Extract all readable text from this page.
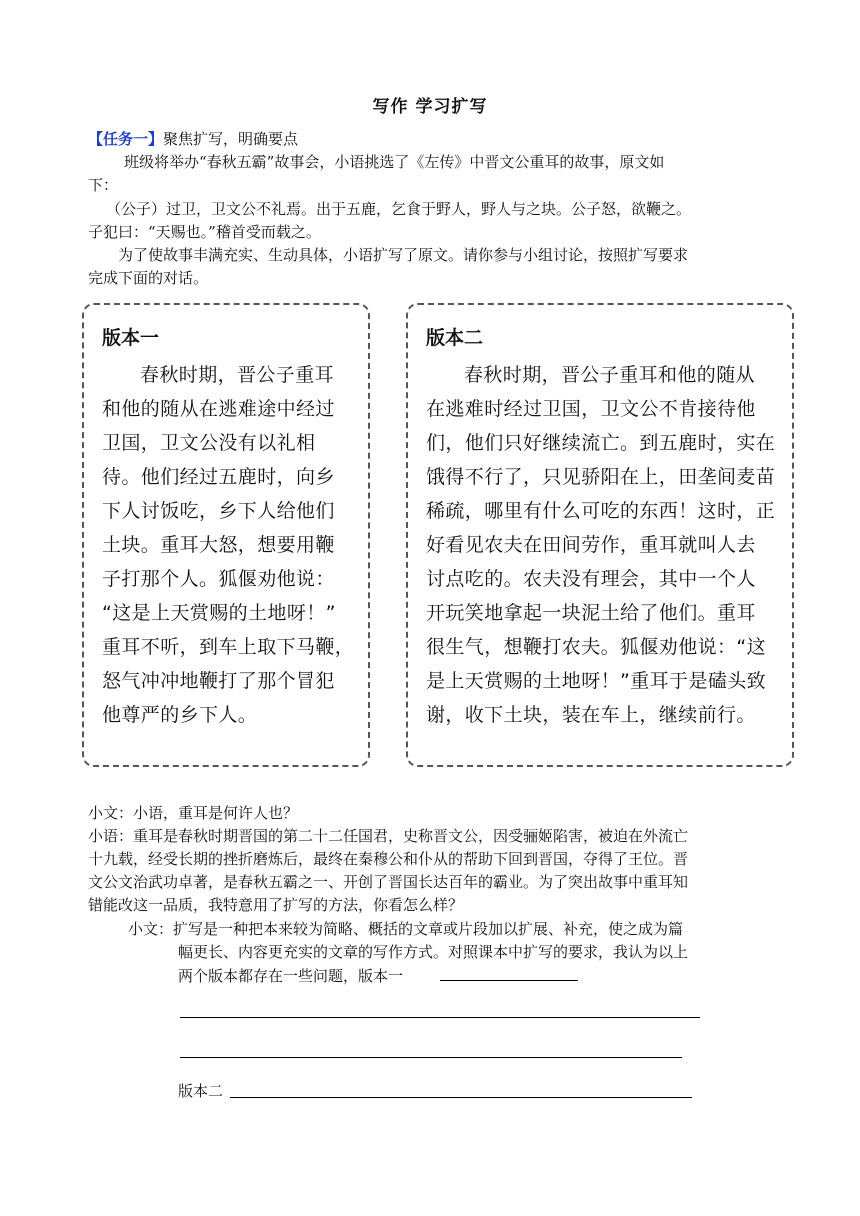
写作 学习扩写
【任务一】聚焦扩写，明确要点
班级将举办“春秋五霸”故事会，小语挑选了《左传》中晋文公重耳的故事，原文如
下：
（公子）过卫，卫文公不礼焉。出于五鹿，乞食于野人，野人与之块。公子怒，欲鞭之。
子犯曰：“天赐也。”稽首受而载之。
为了使故事丰满充实、生动具体，小语扩写了原文。请你参与小组讨论，按照扩写要求
完成下面的对话。
版本一
春秋时期，晋公子重耳
和他的随从在逃难途中经过
卫国，卫文公没有以礼相
待。他们经过五鹿时，向乡
下人讨饭吃，乡下人给他们
土块。重耳大怒，想要用鞭
子打那个人。狐偃劝他说：
“这是上天赏赐的土地呀！”
重耳不听，到车上取下马鞭，
怒气冲冲地鞭打了那个冒犯
他尊严的乡下人。
版本二
春秋时期，晋公子重耳和他的随从
在逃难时经过卫国，卫文公不肯接待他
们，他们只好继续流亡。到五鹿时，实在
饿得不行了，只见骄阳在上，田垄间麦苗
稀疏，哪里有什么可吃的东西！这时，正
好看见农夫在田间劳作，重耳就叫人去
讨点吃的。农夫没有理会，其中一个人
开玩笑地拿起一块泥土给了他们。重耳
很生气，想鞭打农夫。狐偃劝他说：“这
是上天赏赐的土地呀！”重耳于是磕头致
谢，收下土块，装在车上，继续前行。
小文：小语，重耳是何许人也？
小语：重耳是春秋时期晋国的第二十二任国君，史称晋文公，因受骊姬陷害，被迫在外流亡
十九载，经受长期的挫折磨炼后，最终在秦穆公和仆从的帮助下回到晋国，夺得了王位。晋
文公文治武功卓著，是春秋五霸之一、开创了晋国长达百年的霸业。为了突出故事中重耳知
错能改这一品质，我特意用了扩写的方法，你看怎么样？
小文：扩写是一种把本来较为简略、概括的文章或片段加以扩展、补充，使之成为篇
幅更长、内容更充实的文章的写作方式。对照课本中扩写的要求，我认为以上
两个版本都存在一些问题，版本一
版本二
